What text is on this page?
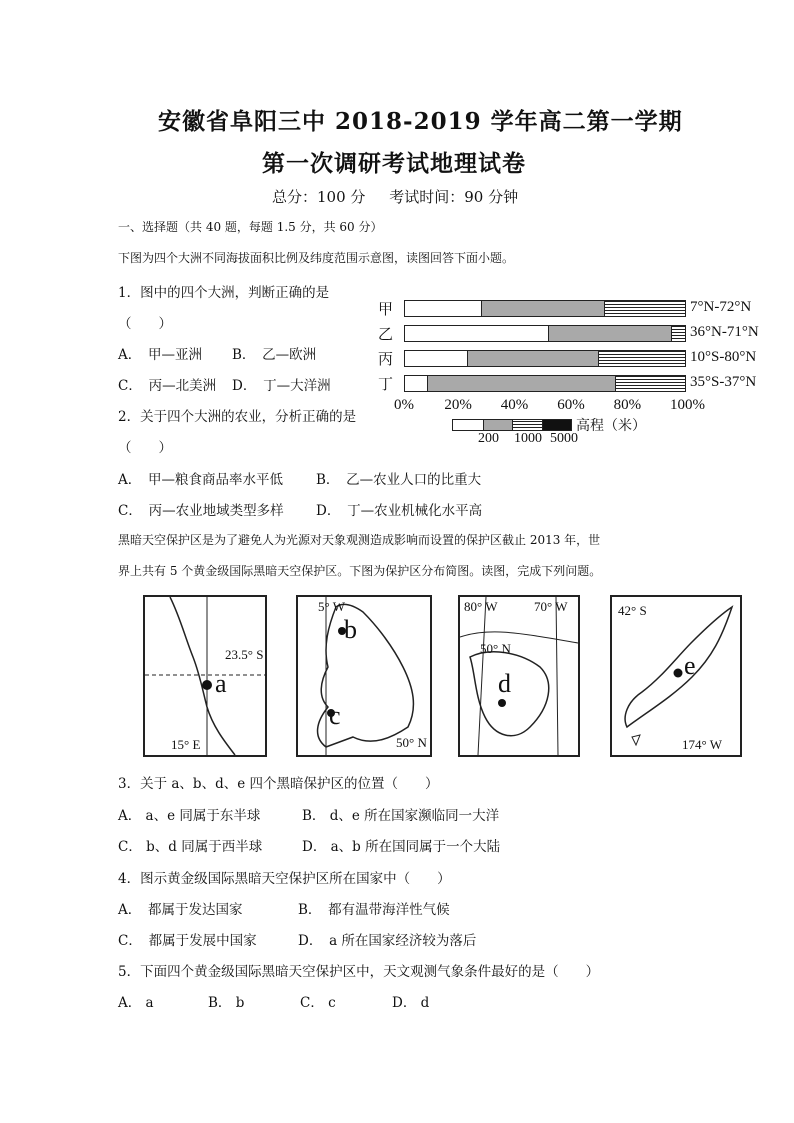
安徽省阜阳三中 2018-2019 学年高二第一学期
第一次调研考试地理试卷
总分：100 分     考试时间：90 分钟
一、选择题（共 40 题，每题 1.5 分，共 60 分）
下图为四个大洲不同海拔面积比例及纬度范围示意图，读图回答下面小题。
1．图中的四个大洲，判断正确的是
（　　）
A．　甲—亚洲 B．　乙—欧洲
C．　丙—北美洲 D．　丁—大洋洲
2．关于四个大洲的农业，分析正确的是
（　　）
A．　甲—粮食商品率水平低 B．　乙—农业人口的比重大
C．　丙—农业地域类型多样 D．　丁—农业机械化水平高
甲	7°N-72°N
乙	36°N-71°N
丙	10°S-80°N
丁	35°S-37°N
0% 20% 40% 60% 80% 100%
高程（米）
200 1000 5000
黑暗天空保护区是为了避免人为光源对天象观测造成影响而设置的保护区截止 2013 年，世
界上共有 5 个黄金级国际黑暗天空保护区。下图为保护区分布简图。读图，完成下列问题。
23.5° S
15° E
a
5° W
50° N
b
c
80° W	70° W
50° N
d
42° S
174° W
e
3．关于 a、b、d、e 四个黑暗保护区的位置（　　）
A． a、e 同属于东半球	B． d、e 所在国家濒临同一大洋
C． b、d 同属于西半球	D． a、b 所在国同属于一个大陆
4．图示黄金级国际黑暗天空保护区所在国家中（　　）
A．　都属于发达国家	B．　都有温带海洋性气候
C．　都属于发展中国家	D．　a 所在国家经济较为落后
5．下面四个黄金级国际黑暗天空保护区中，天文观测气象条件最好的是（　　）
A． a	B． b	C． c	D． d
